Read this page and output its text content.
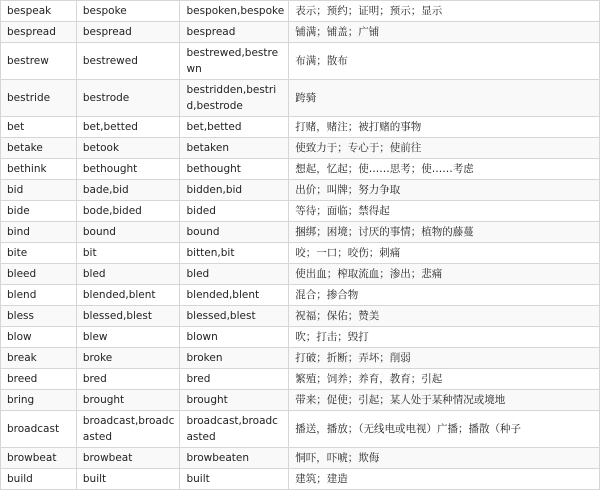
bespeak	bespoke	bespoken,bespoke	表示；预约；证明；预示；显示
bespread	bespread	bespread	铺满；铺盖；广铺
bestrew	bestrewed	bestrewed,bestrewn	布满；散布
bestride	bestrode	bestridden,bestrid,bestrode	跨骑
bet	bet,betted	bet,betted	打赌，赌注；被打赌的事物
betake	betook	betaken	使致力于；专心于；使前往
bethink	bethought	bethought	想起，忆起；使……思考；使……考虑
bid	bade,bid	bidden,bid	出价；叫牌；努力争取
bide	bode,bided	bided	等待；面临；禁得起
bind	bound	bound	捆绑；困境；讨厌的事情；植物的藤蔓
bite	bit	bitten,bit	咬；一口；咬伤；刺痛
bleed	bled	bled	使出血；榨取流血；渗出；悲痛
blend	blended,blent	blended,blent	混合；掺合物
bless	blessed,blest	blessed,blest	祝福；保佑；赞美
blow	blew	blown	吹；打击；毁打
break	broke	broken	打破；折断；弄坏；削弱
breed	bred	bred	繁殖；饲养；养育，教育；引起
bring	brought	brought	带来；促使；引起；某人处于某种情况或境地
broadcast	broadcast,broadcasted	broadcast,broadcasted	播送，播放；（无线电或电视）广播；播散（种子
browbeat	browbeat	browbeaten	恫吓，吓唬；欺侮
build	built	built	建筑；建造
